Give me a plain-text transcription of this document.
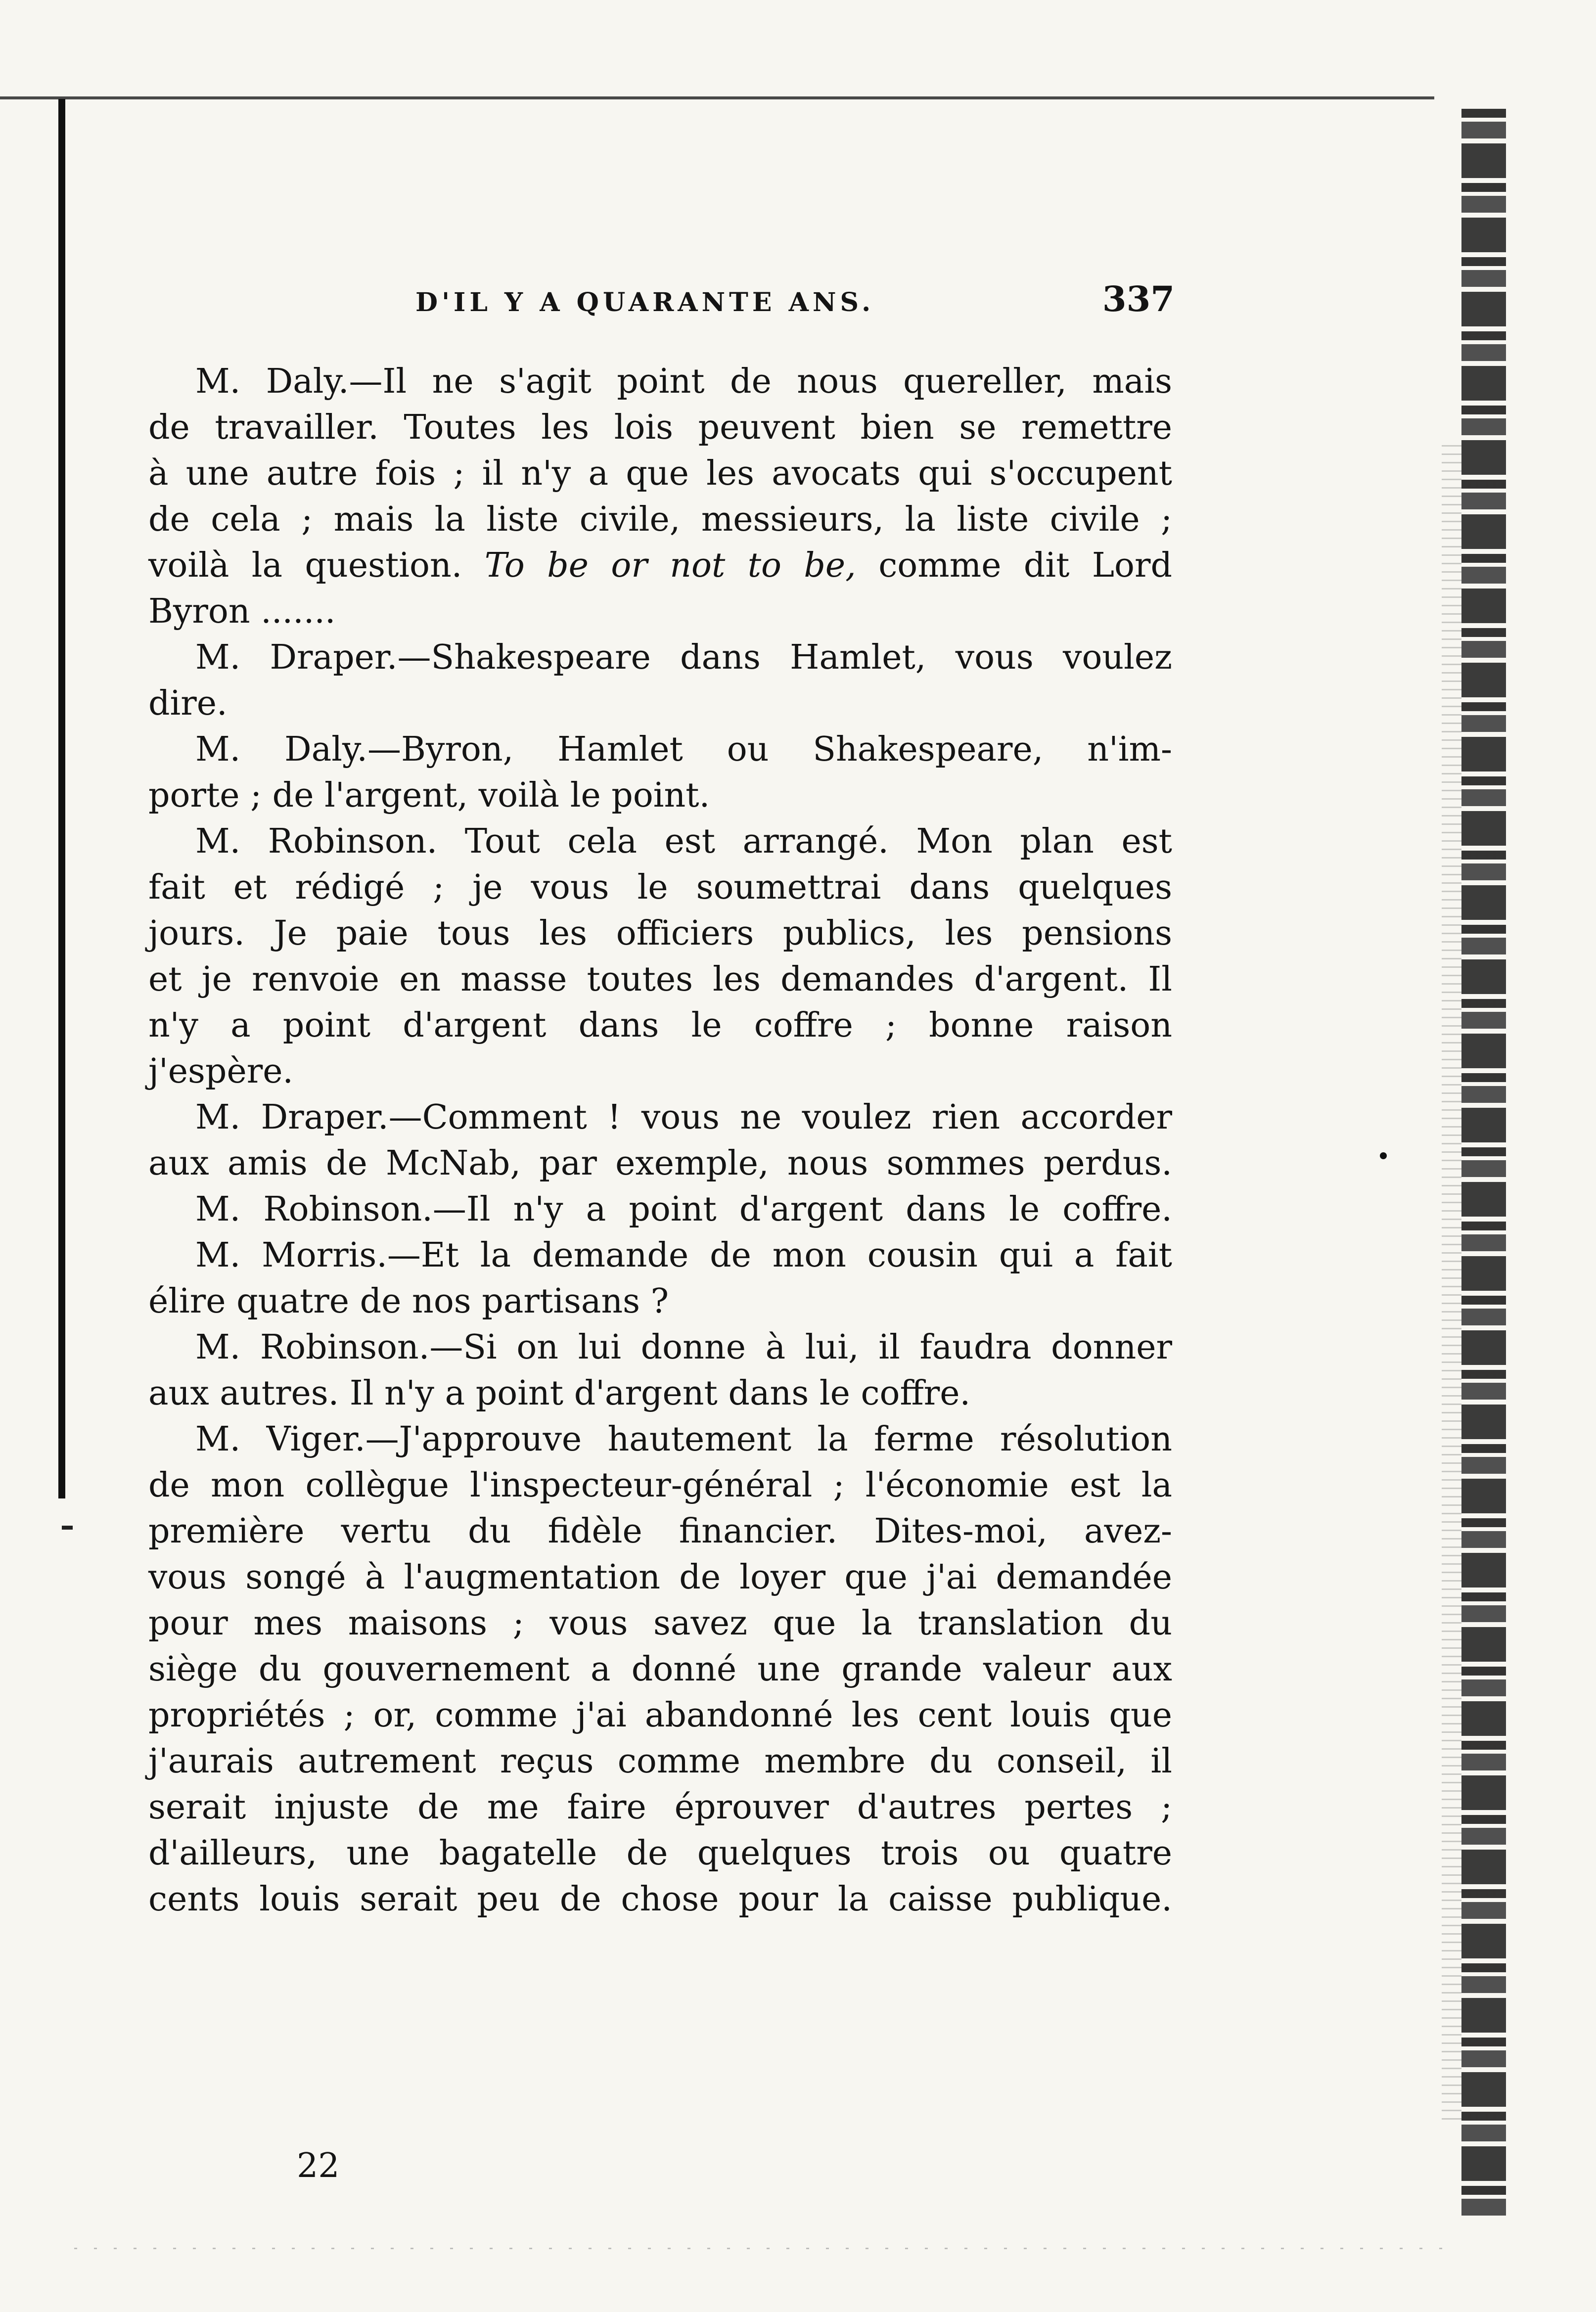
D'IL Y A QUARANTE ANS.	337
M. Daly.—Il ne s'agit point de nous quereller, mais
de travailler. Toutes les lois peuvent bien se remettre
à une autre fois ; il n'y a que les avocats qui s'occupent
de cela ; mais la liste civile, messieurs, la liste civile ;
voilà la question. To be or not to be, comme dit Lord
Byron .......
M. Draper.—Shakespeare dans Hamlet, vous voulez
dire.
M. Daly.—Byron, Hamlet ou Shakespeare, n'im-
porte ; de l'argent, voilà le point.
M. Robinson. Tout cela est arrangé. Mon plan est
fait et rédigé ; je vous le soumettrai dans quelques
jours. Je paie tous les officiers publics, les pensions
et je renvoie en masse toutes les demandes d'argent. Il
n'y a point d'argent dans le coffre ; bonne raison
j'espère.
M. Draper.—Comment ! vous ne voulez rien accorder
aux amis de McNab, par exemple, nous sommes perdus.
M. Robinson.—Il n'y a point d'argent dans le coffre.
M. Morris.—Et la demande de mon cousin qui a fait
élire quatre de nos partisans ?
M. Robinson.—Si on lui donne à lui, il faudra donner
aux autres. Il n'y a point d'argent dans le coffre.
M. Viger.—J'approuve hautement la ferme résolution
de mon collègue l'inspecteur-général ; l'économie est la
première vertu du fidèle financier. Dites-moi, avez-
vous songé à l'augmentation de loyer que j'ai demandée
pour mes maisons ; vous savez que la translation du
siège du gouvernement a donné une grande valeur aux
propriétés ; or, comme j'ai abandonné les cent louis que
j'aurais autrement reçus comme membre du conseil, il
serait injuste de me faire éprouver d'autres pertes ;
d'ailleurs, une bagatelle de quelques trois ou quatre
cents louis serait peu de chose pour la caisse publique.
22
